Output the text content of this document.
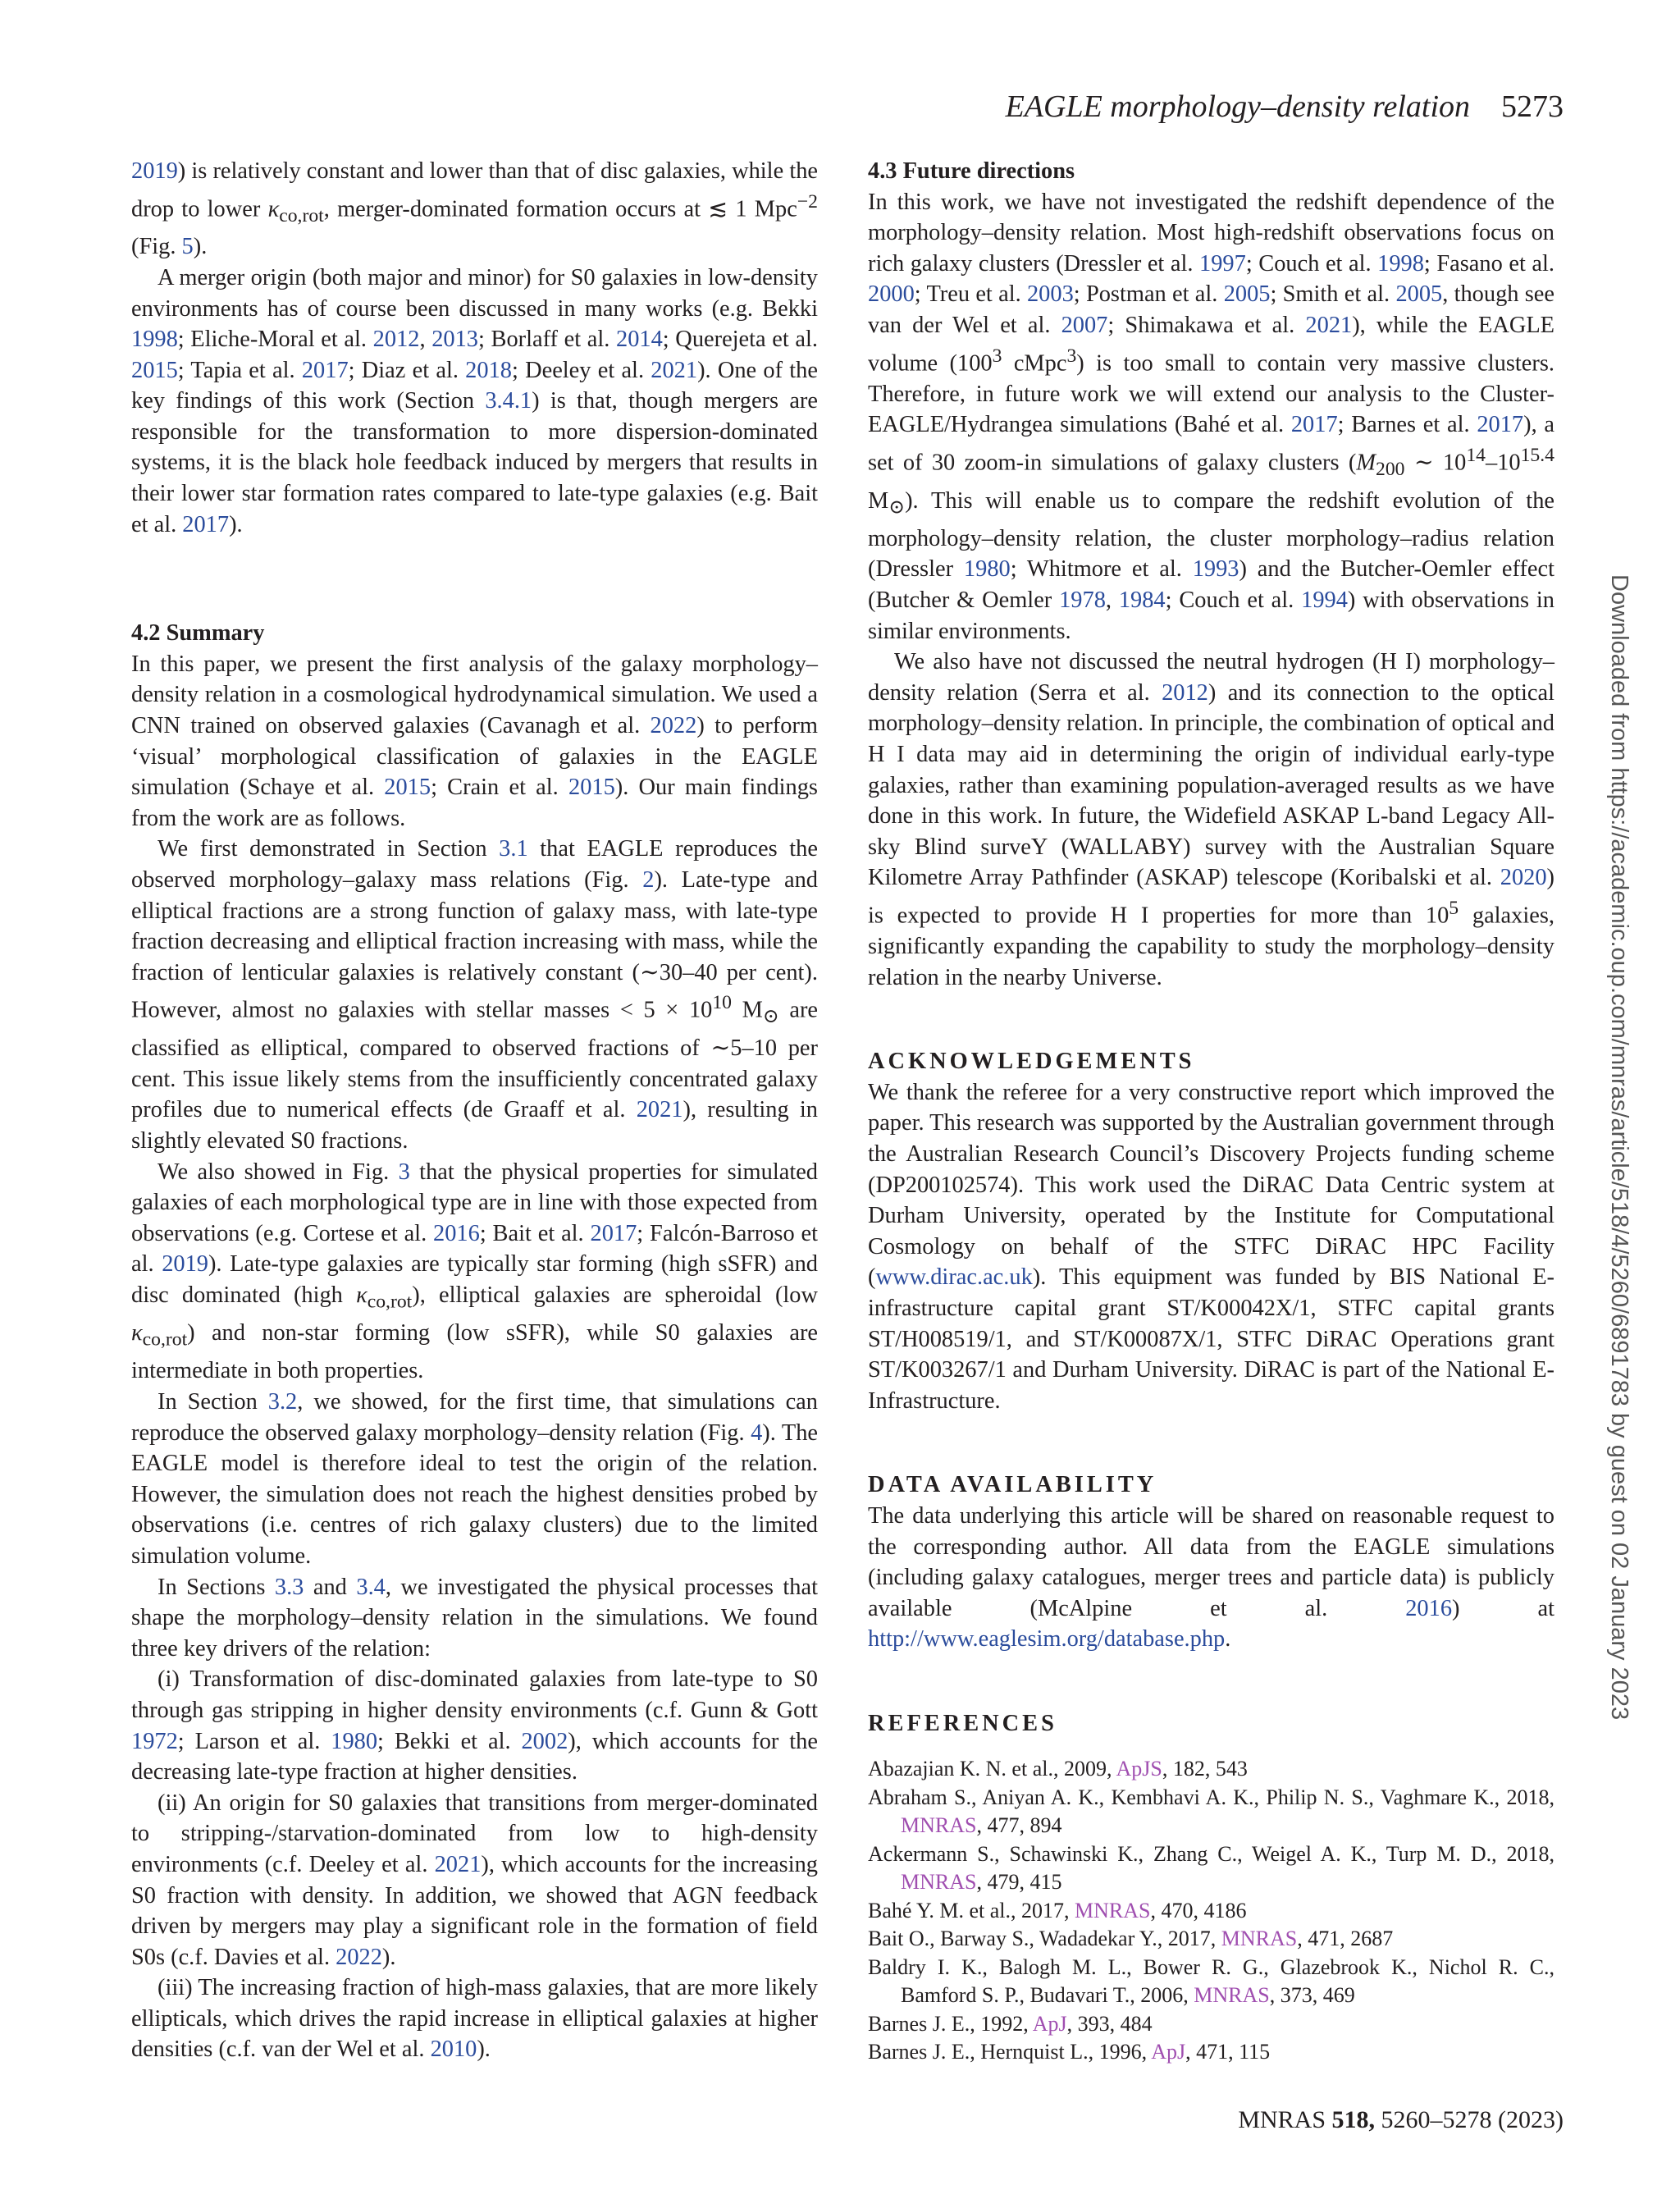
EAGLE morphology–density relation 5273

2019) is relatively constant and lower than that of disc galaxies, while the drop to lower $\kappa_{co,rot}$, merger-dominated formation occurs at ≲ 1 Mpc$^{-2}$ (Fig. 5).

A merger origin (both major and minor) for S0 galaxies in low-density environments has of course been discussed in many works (e.g. Bekki 1998; Eliche-Moral et al. 2012, 2013; Borlaff et al. 2014; Querejeta et al. 2015; Tapia et al. 2017; Diaz et al. 2018; Deeley et al. 2021). One of the key findings of this work (Section 3.4.1) is that, though mergers are responsible for the transformation to more dispersion-dominated systems, it is the black hole feedback induced by mergers that results in their lower star formation rates compared to late-type galaxies (e.g. Bait et al. 2017).

4.2 Summary

In this paper, we present the first analysis of the galaxy morphology–density relation in a cosmological hydrodynamical simulation. We used a CNN trained on observed galaxies (Cavanagh et al. 2022) to perform ‘visual’ morphological classification of galaxies in the EAGLE simulation (Schaye et al. 2015; Crain et al. 2015). Our main findings from the work are as follows.

We first demonstrated in Section 3.1 that EAGLE reproduces the observed morphology–galaxy mass relations (Fig. 2). Late-type and elliptical fractions are a strong function of galaxy mass, with late-type fraction decreasing and elliptical fraction increasing with mass, while the fraction of lenticular galaxies is relatively constant (∼30–40 per cent). However, almost no galaxies with stellar masses < $5 \times 10^{10}$ $M_⊙$ are classified as elliptical, compared to observed fractions of ∼5–10 per cent. This issue likely stems from the insufficiently concentrated galaxy profiles due to numerical effects (de Graaff et al. 2021), resulting in slightly elevated S0 fractions.

We also showed in Fig. 3 that the physical properties for simulated galaxies of each morphological type are in line with those expected from observations (e.g. Cortese et al. 2016; Bait et al. 2017; Falcón-Barroso et al. 2019). Late-type galaxies are typically star forming (high sSFR) and disc dominated (high $\kappa_{co,rot}$), elliptical galaxies are spheroidal (low $\kappa_{co,rot}$) and non-star forming (low sSFR), while S0 galaxies are intermediate in both properties.

In Section 3.2, we showed, for the first time, that simulations can reproduce the observed galaxy morphology–density relation (Fig. 4). The EAGLE model is therefore ideal to test the origin of the relation. However, the simulation does not reach the highest densities probed by observations (i.e. centres of rich galaxy clusters) due to the limited simulation volume.

In Sections 3.3 and 3.4, we investigated the physical processes that shape the morphology–density relation in the simulations. We found three key drivers of the relation:

(i) Transformation of disc-dominated galaxies from late-type to S0 through gas stripping in higher density environments (c.f. Gunn & Gott 1972; Larson et al. 1980; Bekki et al. 2002), which accounts for the decreasing late-type fraction at higher densities.

(ii) An origin for S0 galaxies that transitions from merger-dominated to stripping-/starvation-dominated from low to high-density environments (c.f. Deeley et al. 2021), which accounts for the increasing S0 fraction with density. In addition, we showed that AGN feedback driven by mergers may play a significant role in the formation of field S0s (c.f. Davies et al. 2022).

(iii) The increasing fraction of high-mass galaxies, that are more likely ellipticals, which drives the rapid increase in elliptical galaxies at higher densities (c.f. van der Wel et al. 2010).

4.3 Future directions

In this work, we have not investigated the redshift dependence of the morphology–density relation. Most high-redshift observations focus on rich galaxy clusters (Dressler et al. 1997; Couch et al. 1998; Fasano et al. 2000; Treu et al. 2003; Postman et al. 2005; Smith et al. 2005, though see van der Wel et al. 2007; Shimakawa et al. 2021), while the EAGLE volume ($100^3$ cMpc$^3$) is too small to contain very massive clusters. Therefore, in future work we will extend our analysis to the Cluster-EAGLE/Hydrangea simulations (Bahé et al. 2017; Barnes et al. 2017), a set of 30 zoom-in simulations of galaxy clusters ($M_{200}$ ∼ $10^{14}-10^{15.4}$ $M_⊙$). This will enable us to compare the redshift evolution of the morphology–density relation, the cluster morphology–radius relation (Dressler 1980; Whitmore et al. 1993) and the Butcher-Oemler effect (Butcher & Oemler 1978, 1984; Couch et al. 1994) with observations in similar environments.

We also have not discussed the neutral hydrogen (H I) morphology–density relation (Serra et al. 2012) and its connection to the optical morphology–density relation. In principle, the combination of optical and H I data may aid in determining the origin of individual early-type galaxies, rather than examining population-averaged results as we have done in this work. In future, the Widefield ASKAP L-band Legacy All-sky Blind surveY (WALLABY) survey with the Australian Square Kilometre Array Pathfinder (ASKAP) telescope (Koribalski et al. 2020) is expected to provide H I properties for more than $10^5$ galaxies, significantly expanding the capability to study the morphology–density relation in the nearby Universe.

ACKNOWLEDGEMENTS

We thank the referee for a very constructive report which improved the paper. This research was supported by the Australian government through the Australian Research Council’s Discovery Projects funding scheme (DP200102574). This work used the DiRAC Data Centric system at Durham University, operated by the Institute for Computational Cosmology on behalf of the STFC DiRAC HPC Facility (www.dirac.ac.uk). This equipment was funded by BIS National E-infrastructure capital grant ST/K00042X/1, STFC capital grants ST/H008519/1, and ST/K00087X/1, STFC DiRAC Operations grant ST/K003267/1 and Durham University. DiRAC is part of the National E-Infrastructure.

DATA AVAILABILITY

The data underlying this article will be shared on reasonable request to the corresponding author. All data from the EAGLE simulations (including galaxy catalogues, merger trees and particle data) is publicly available (McAlpine et al. 2016) at http://www.eaglesim.org/database.php.

REFERENCES
Abazajian K. N. et al., 2009, ApJS, 182, 543
Abraham S., Aniyan A. K., Kembhavi A. K., Philip N. S., Vaghmare K., 2018, MNRAS, 477, 894
Ackermann S., Schawinski K., Zhang C., Weigel A. K., Turp M. D., 2018, MNRAS, 479, 415
Bahé Y. M. et al., 2017, MNRAS, 470, 4186
Bait O., Barway S., Wadadekar Y., 2017, MNRAS, 471, 2687
Baldry I. K., Balogh M. L., Bower R. G., Glazebrook K., Nichol R. C., Bamford S. P., Budavari T., 2006, MNRAS, 373, 469
Barnes J. E., 1992, ApJ, 393, 484
Barnes J. E., Hernquist L., 1996, ApJ, 471, 115
Downloaded from https://academic.oup.com/mnras/article/518/4/5260/6891783 by guest on 02 January 2023
MNRAS 518, 5260–5278 (2023)
